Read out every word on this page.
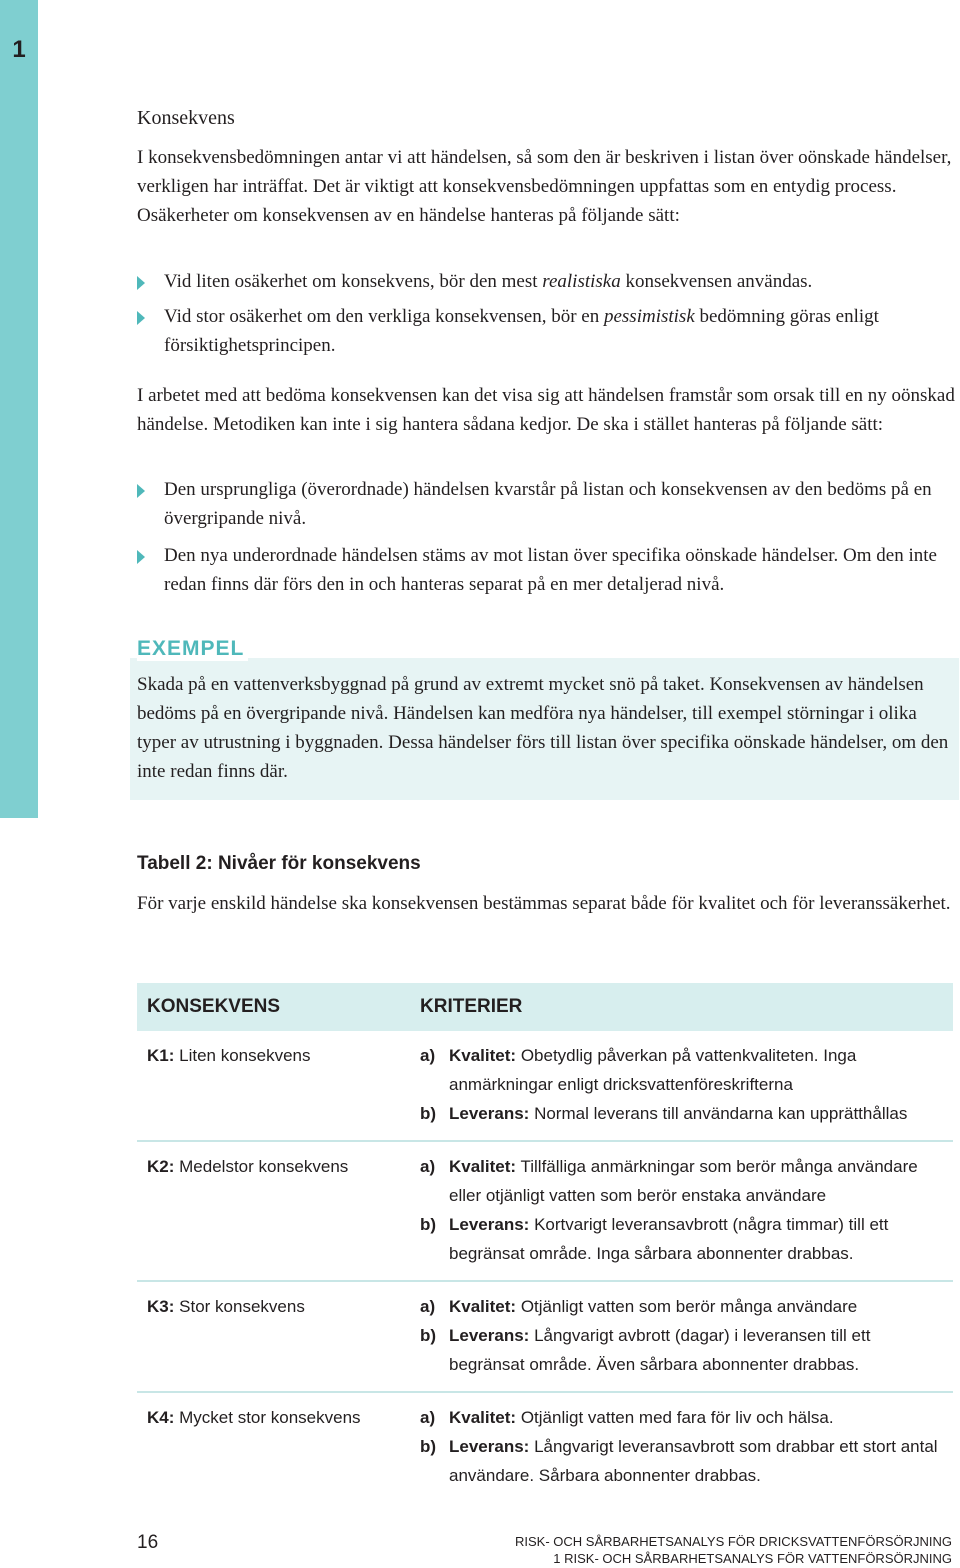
1
Konsekvens

I konsekvensbedömningen antar vi att händelsen, så som den är beskriven i listan över oönskade händelser, verkligen har inträffat. Det är viktigt att konsekvensbedömningen uppfattas som en entydig process. Osäkerheter om konsekvensen av en händelse hanteras på följande sätt:

Vid liten osäkerhet om konsekvens, bör den mest realistiska konsekvensen användas.
Vid stor osäkerhet om den verkliga konsekvensen, bör en pessimistisk bedömning göras enligt försiktighetsprincipen.

I arbetet med att bedöma konsekvensen kan det visa sig att händelsen framstår som orsak till en ny oönskad händelse. Metodiken kan inte i sig hantera sådana kedjor. De ska i stället hanteras på följande sätt:

Den ursprungliga (överordnade) händelsen kvarstår på listan och konsekvensen av den bedöms på en övergripande nivå.
Den nya underordnade händelsen stäms av mot listan över specifika oönskade händelser. Om den inte redan finns där förs den in och hanteras separat på en mer detaljerad nivå.
EXEMPEL

Skada på en vattenverksbyggnad på grund av extremt mycket snö på taket. Konsekvensen av händelsen bedöms på en övergripande nivå. Händelsen kan medföra nya händelser, till exempel störningar i olika typer av utrustning i byggnaden. Dessa händelser förs till listan över specifika oönskade händelser, om den inte redan finns där.

Tabell 2: Nivåer för konsekvens

För varje enskild händelse ska konsekvensen bestämmas separat både för kvalitet och för leveranssäkerhet.

KONSEKVENS	KRITERIER
K1: Liten konsekvens	a) Kvalitet: Obetydlig påverkan på vattenkvaliteten. Inga anmärkningar enligt dricksvattenföreskrifterna
b) Leverans: Normal leverans till användarna kan upprätthållas

K2: Medelstor konsekvens	a) Kvalitet: Tillfälliga anmärkningar som berör många användare eller otjänligt vatten som berör enstaka användare
b) Leverans: Kortvarigt leveransavbrott (några timmar) till ett begränsat område. Inga sårbara abonnenter drabbas.

K3: Stor konsekvens	a) Kvalitet: Otjänligt vatten som berör många användare
b) Leverans: Långvarigt avbrott (dagar) i leveransen till ett begränsat område. Även sårbara abonnenter drabbas.

K4: Mycket stor konsekvens	a) Kvalitet: Otjänligt vatten med fara för liv och hälsa.
b) Leverans: Långvarigt leveransavbrott som drabbar ett stort antal användare. Sårbara abonnenter drabbas.
16	RISK- OCH SÅRBARHETSANALYS FÖR DRICKSVATTENFÖRSÖRJNING
1 RISK- OCH SÅRBARHETSANALYS FÖR VATTENFÖRSÖRJNING
